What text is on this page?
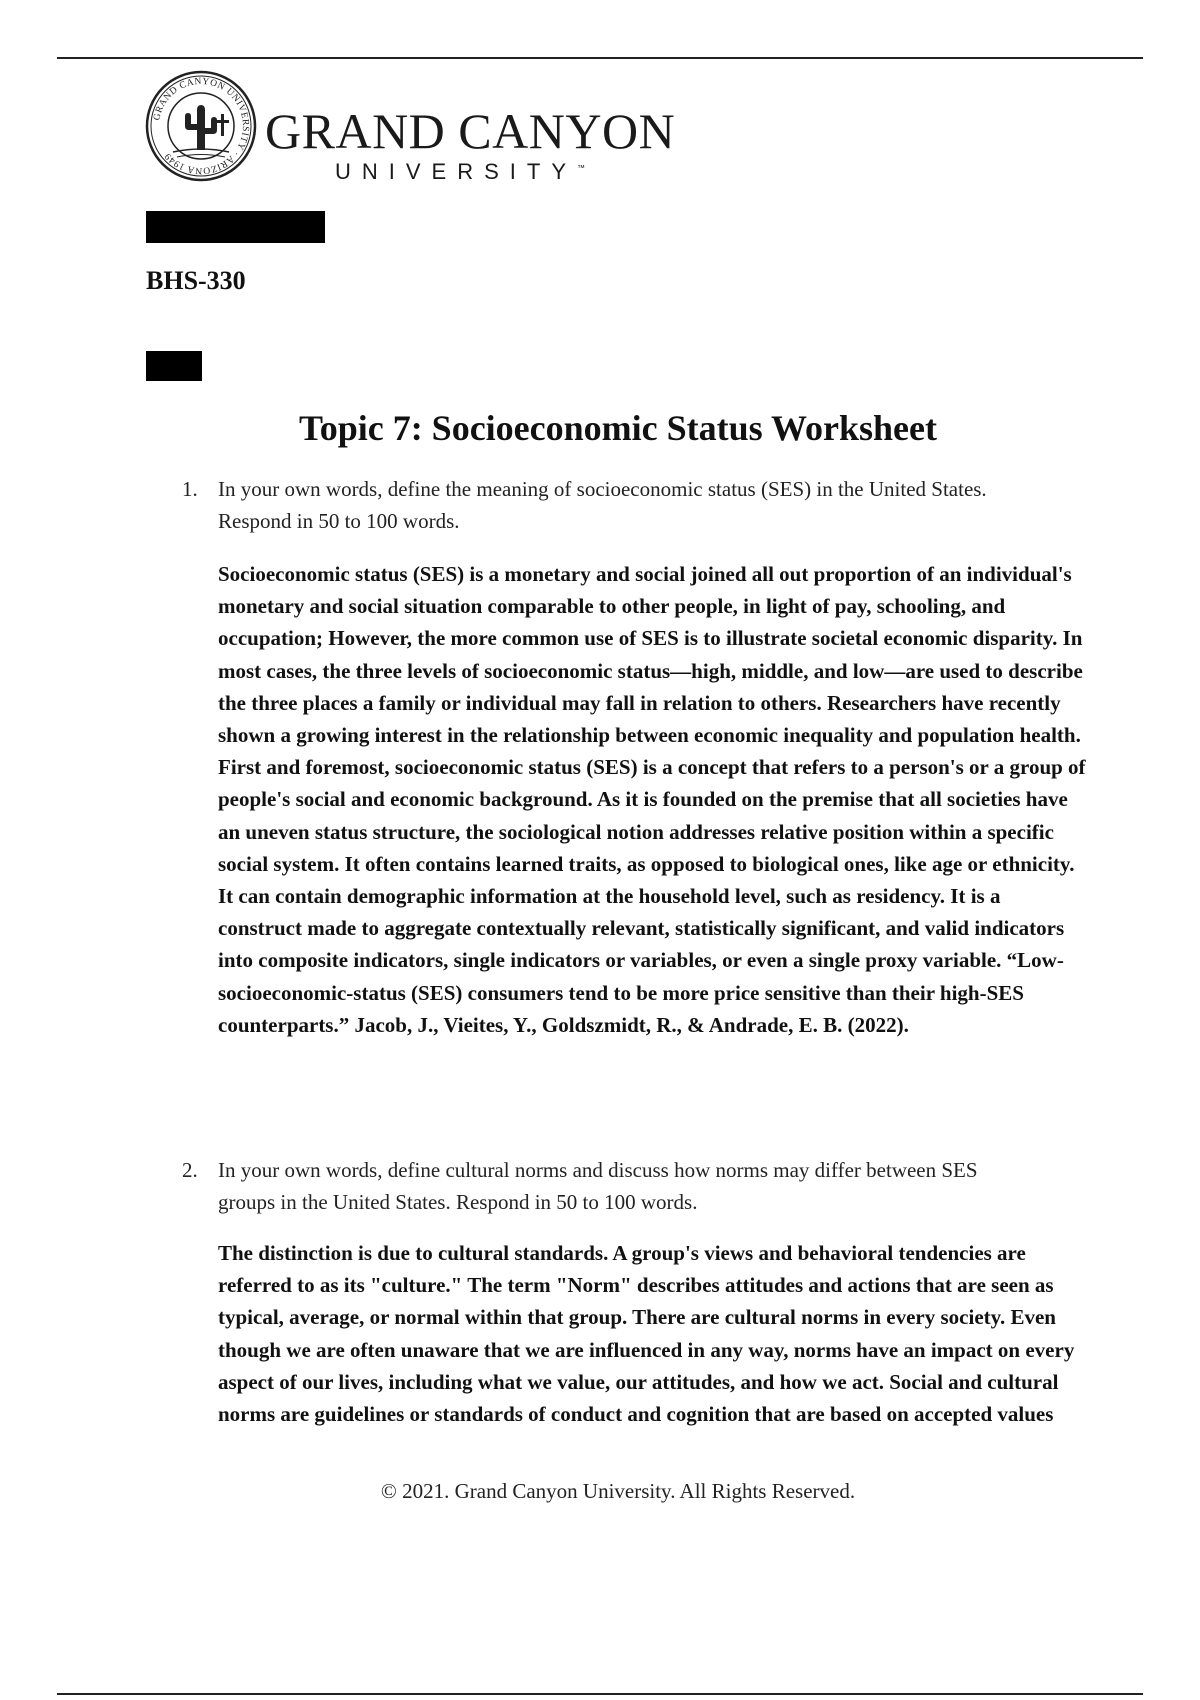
GRAND CANYON UNIVERSITY · ARIZONA 1949	GRAND CANYON
UNIVERSITY™
BHS-330
Topic 7: Socioeconomic Status Worksheet
1. In your own words, define the meaning of socioeconomic status (SES) in the United States. Respond in 50 to 100 words.
Socioeconomic status (SES) is a monetary and social joined all out proportion of an individual's monetary and social situation comparable to other people, in light of pay, schooling, and occupation; However, the more common use of SES is to illustrate societal economic disparity. In most cases, the three levels of socioeconomic status—high, middle, and low—are used to describe the three places a family or individual may fall in relation to others. Researchers have recently shown a growing interest in the relationship between economic inequality and population health. First and foremost, socioeconomic status (SES) is a concept that refers to a person's or a group of people's social and economic background. As it is founded on the premise that all societies have an uneven status structure, the sociological notion addresses relative position within a specific social system. It often contains learned traits, as opposed to biological ones, like age or ethnicity. It can contain demographic information at the household level, such as residency. It is a construct made to aggregate contextually relevant, statistically significant, and valid indicators into composite indicators, single indicators or variables, or even a single proxy variable. “Low-socioeconomic-status (SES) consumers tend to be more price sensitive than their high-SES counterparts.” Jacob, J., Vieites, Y., Goldszmidt, R., & Andrade, E. B. (2022).
2. In your own words, define cultural norms and discuss how norms may differ between SES groups in the United States. Respond in 50 to 100 words.
The distinction is due to cultural standards. A group's views and behavioral tendencies are referred to as its "culture." The term "Norm" describes attitudes and actions that are seen as typical, average, or normal within that group. There are cultural norms in every society. Even though we are often unaware that we are influenced in any way, norms have an impact on every aspect of our lives, including what we value, our attitudes, and how we act. Social and cultural norms are guidelines or standards of conduct and cognition that are based on accepted values
© 2021. Grand Canyon University. All Rights Reserved.
